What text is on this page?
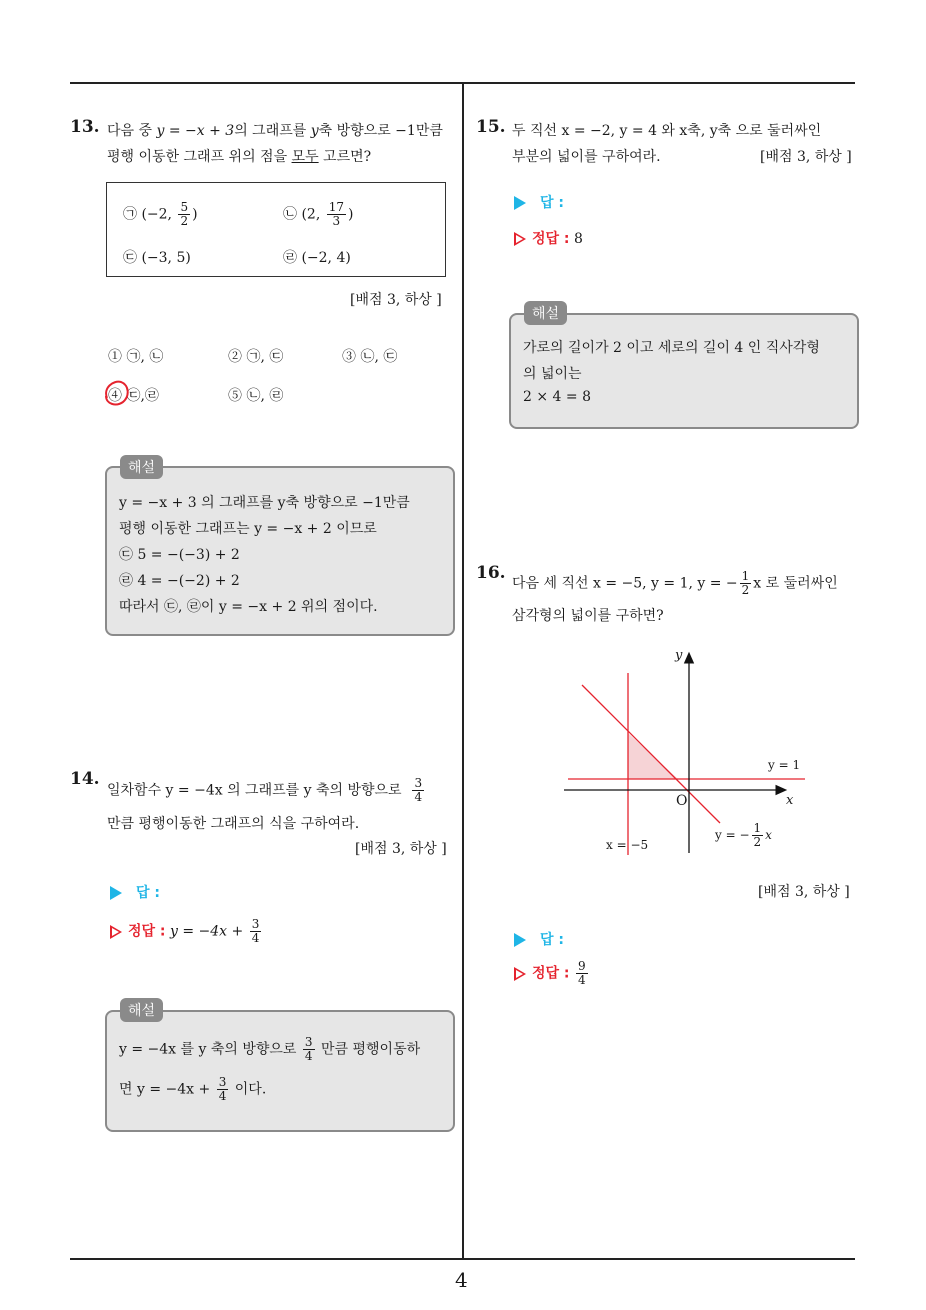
4
13. 다음 중 y = −x + 3의 그래프를 y축 방향으로 −1만큼
평행 이동한 그래프 위의 점을 모두 고르면?
㉠ (−2, $\frac{5}{2}$ )	㉡ (2, $\frac{17}{3}$ )
㉢ (−3, 5)	㉣ (−2, 4)
[배점 3, 하상 ]
① ㉠, ㉡	② ㉠, ㉢	③ ㉡, ㉢
④ ㉢,㉣	⑤ ㉡, ㉣
y = −x + 3 의 그래프를 y축 방향으로 −1만큼
평행 이동한 그래프는 y = −x + 2 이므로
㉢ 5 = −(−3) + 2
㉣ 4 = −(−2) + 2
따라서 ㉢, ㉣이 y = −x + 2 위의 점이다.
해설
14.
일차함수 y = −4x 의 그래프를 y 축의 방향으로 $\frac{3}{4}$
만큼 평행이동한 그래프의 식을 구하여라.
[배점 3, 하상 ]
답 :
정답 : $y = -4x + \frac{3}{4}$
y = −4x 를 y 축의 방향으로 $\frac{3}{4}$ 만큼 평행이동하
면 $y = -4x + \frac{3}{4}$ 이다.
해설
15. 두 직선 x = −2, y = 4 와 x축, y축 으로 둘러싸인
부분의 넓이를 구하여라.	[배점 3, 하상 ]
답 :
정답 : 8
가로의 길이가 2 이고 세로의 길이 4 인 직사각형
의 넓이는
2 × 4 = 8
해설
16.
다음 세 직선 x = −5, y = 1, y = − $\frac{1}{2}$ x 로 둘러싸인
삼각형의 넓이를 구하면?
y
x
O
y = 1
x = −5
y = − $\frac{1}{2}$ x
[배점 3, 하상 ]
답 :
정답 : $\frac{9}{4}$
